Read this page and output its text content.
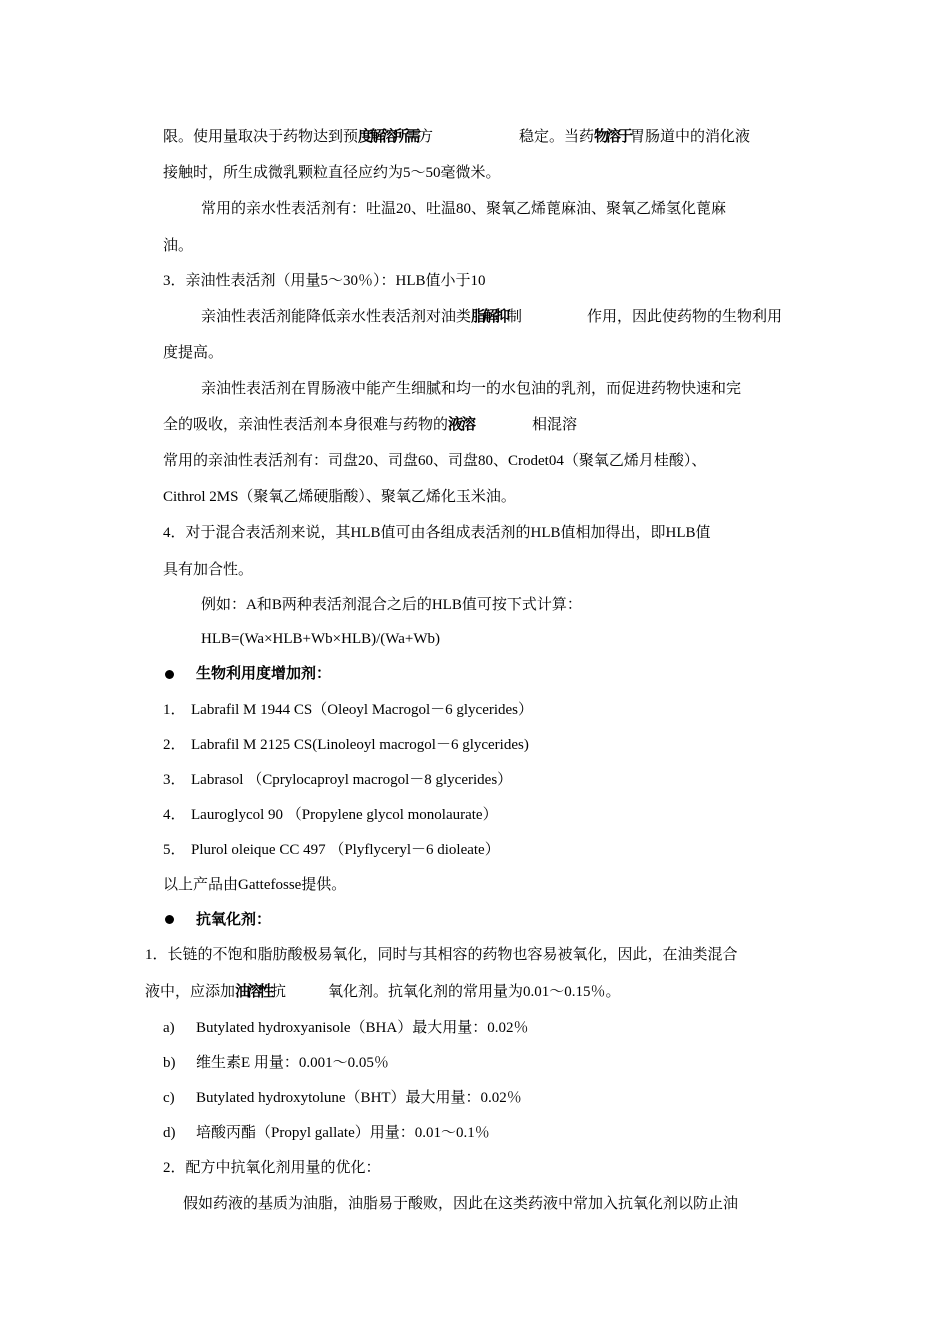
限。使用量取决于药物达到预度解溶所需方	稳定。当药物溶于胃肠道中的消化液
接触时，所生成微乳颗粒直径应约为5～50毫微米。
常用的亲水性表活剂有：吐温20、吐温80、聚氧乙烯蓖麻油、聚氧乙烯氢化蓖麻
油。
3．亲油性表活剂（用量5～30％）：HLB值小于10
亲油性表活剂能降低亲水性表活剂对油类脂解抑制	作用，因此使药物的生物利用
度提高。
亲油性表活剂在胃肠液中能产生细腻和均一的水包油的乳剂，而促进药物快速和完
全的吸收，亲油性表活剂本身很难与药物的液溶	相混溶
常用的亲油性表活剂有：司盘20、司盘60、司盘80、Crodet04（聚氧乙烯月桂酸）、
Cithrol 2MS（聚氧乙烯硬脂酸）、聚氧乙烯化玉米油。
4．对于混合表活剂来说，其HLB值可由各组成表活剂的HLB值相加得出，即HLB值
具有加合性。
例如：A和B两种表活剂混合之后的HLB值可按下式计算：
HLB=(Wa×HLB+Wb×HLB)/(Wa+Wb)
生物利用度增加剂：
1． Labrafil M 1944 CS（Oleoyl Macrogol－6 glycerides）
2． Labrafil M 2125 CS(Linoleoyl macrogol－6 glycerides)
3． Labrasol （Cprylocaproyl macrogol－8 glycerides）
4． Lauroglycol 90 （Propylene glycol monolaurate）
5． Plurol oleique CC 497 （Plyflyceryl－6 dioleate）
以上产品由Gattefosse提供。
抗氧化剂：
1．长链的不饱和脂肪酸极易氧化，同时与其相容的药物也容易被氧化，因此，在油类混合
液中，应添加油溶性抗	氧化剂。抗氧化剂的常用量为0.01～0.15％。
a) Butylated hydroxyanisole（BHA）最大用量：0.02％
b) 维生素E 用量：0.001～0.05％
c) Butylated hydroxytolune（BHT）最大用量：0.02％
d) 培酸丙酯（Propyl gallate）用量：0.01～0.1％
2．配方中抗氧化剂用量的优化：
假如药液的基质为油脂，油脂易于酸败，因此在这类药液中常加入抗氧化剂以防止油
